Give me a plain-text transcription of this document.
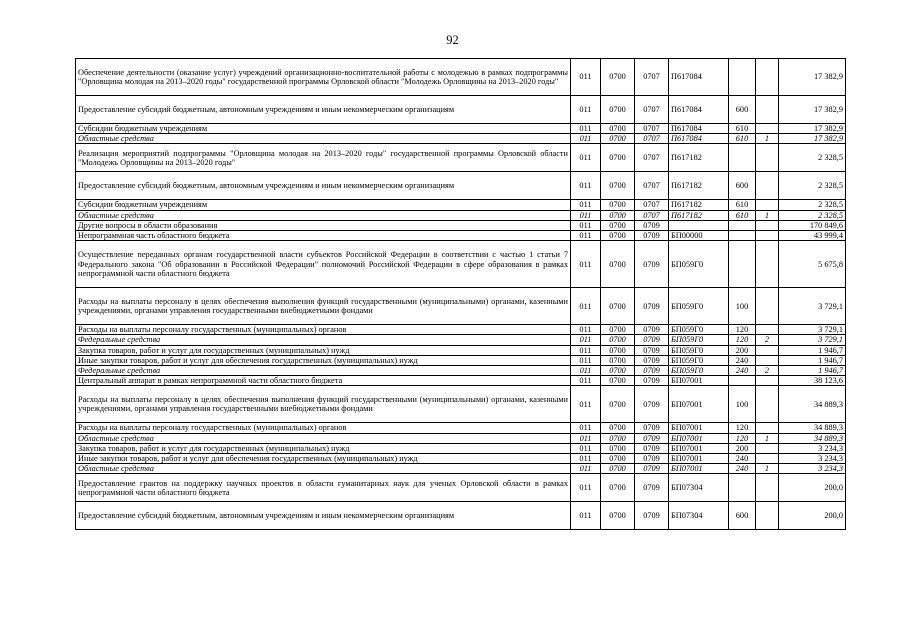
92
Обеспечение деятельности (оказание услуг) учреждений организационно-воспитательной работы с молодежью в рамках подпрограммы "Орловщина молодая на 2013–2020 годы" государственной программы Орловской области "Молодежь Орловщины на 2013–2020 годы"	011	0700	0707	П617084			17 382,9
Предоставление субсидий бюджетным, автономным учреждениям и иным некоммерческим организациям	011	0700	0707	П617084	600		17 382,9
Субсидии бюджетным учреждениям	011	0700	0707	П617084	610		17 382,9
Областные средства	011	0700	0707	П617084	610	1	17 382,9
Реализация мероприятий подпрограммы "Орловщина молодая на 2013–2020 годы" государственной программы Орловской области "Молодежь Орловщины на 2013–2020 годы"	011	0700	0707	П617182			2 328,5
Предоставление субсидий бюджетным, автономным учреждениям и иным некоммерческим организациям	011	0700	0707	П617182	600		2 328,5
Субсидии бюджетным учреждениям	011	0700	0707	П617182	610		2 328,5
Областные средства	011	0700	0707	П617182	610	1	2 328,5
Другие вопросы в области образования	011	0700	0709				170 849,6
Непрограммная часть областного бюджета	011	0700	0709	БП00000			43 999,4
Осуществление переданных органам государственной власти субъектов Российской Федерации в соответствии с частью 1 статьи 7 Федерального закона "Об образовании в Российской Федерации" полномочий Российской Федерации в сфере образования в рамках непрограммной части областного бюджета	011	0700	0709	БП059Г0			5 675,8
Расходы на выплаты персоналу в целях обеспечения выполнения функций государственными (муниципальными) органами, казенными учреждениями, органами управления государственными внебюджетными фондами	011	0700	0709	БП059Г0	100		3 729,1
Расходы на выплаты персоналу государственных (муниципальных) органов	011	0700	0709	БП059Г0	120		3 729,1
Федеральные средства	011	0700	0709	БП059Г0	120	2	3 729,1
Закупка товаров, работ и услуг для государственных (муниципальных) нужд	011	0700	0709	БП059Г0	200		1 946,7
Иные закупки товаров, работ и услуг для обеспечения государственных (муниципальных) нужд	011	0700	0709	БП059Г0	240		1 946,7
Федеральные средства	011	0700	0709	БП059Г0	240	2	1 946,7
Центральный аппарат в рамках непрограммной части областного бюджета	011	0700	0709	БП07001			38 123,6
Расходы на выплаты персоналу в целях обеспечения выполнения функций государственными (муниципальными) органами, казенными учреждениями, органами управления государственными внебюджетными фондами	011	0700	0709	БП07001	100		34 889,3
Расходы на выплаты персоналу государственных (муниципальных) органов	011	0700	0709	БП07001	120		34 889,3
Областные средства	011	0700	0709	БП07001	120	1	34 889,3
Закупка товаров, работ и услуг для государственных (муниципальных) нужд	011	0700	0709	БП07001	200		3 234,3
Иные закупки товаров, работ и услуг для обеспечения государственных (муниципальных) нужд	011	0700	0709	БП07001	240		3 234,3
Областные средства	011	0700	0709	БП07001	240	1	3 234,3
Предоставление грантов на поддержку научных проектов в области гуманитарных наук для ученых Орловской области в рамках непрограммной части областного бюджета	011	0700	0709	БП07304			200,0
Предоставление субсидий бюджетным, автономным учреждениям и иным некоммерческим организациям	011	0700	0709	БП07304	600		200,0
